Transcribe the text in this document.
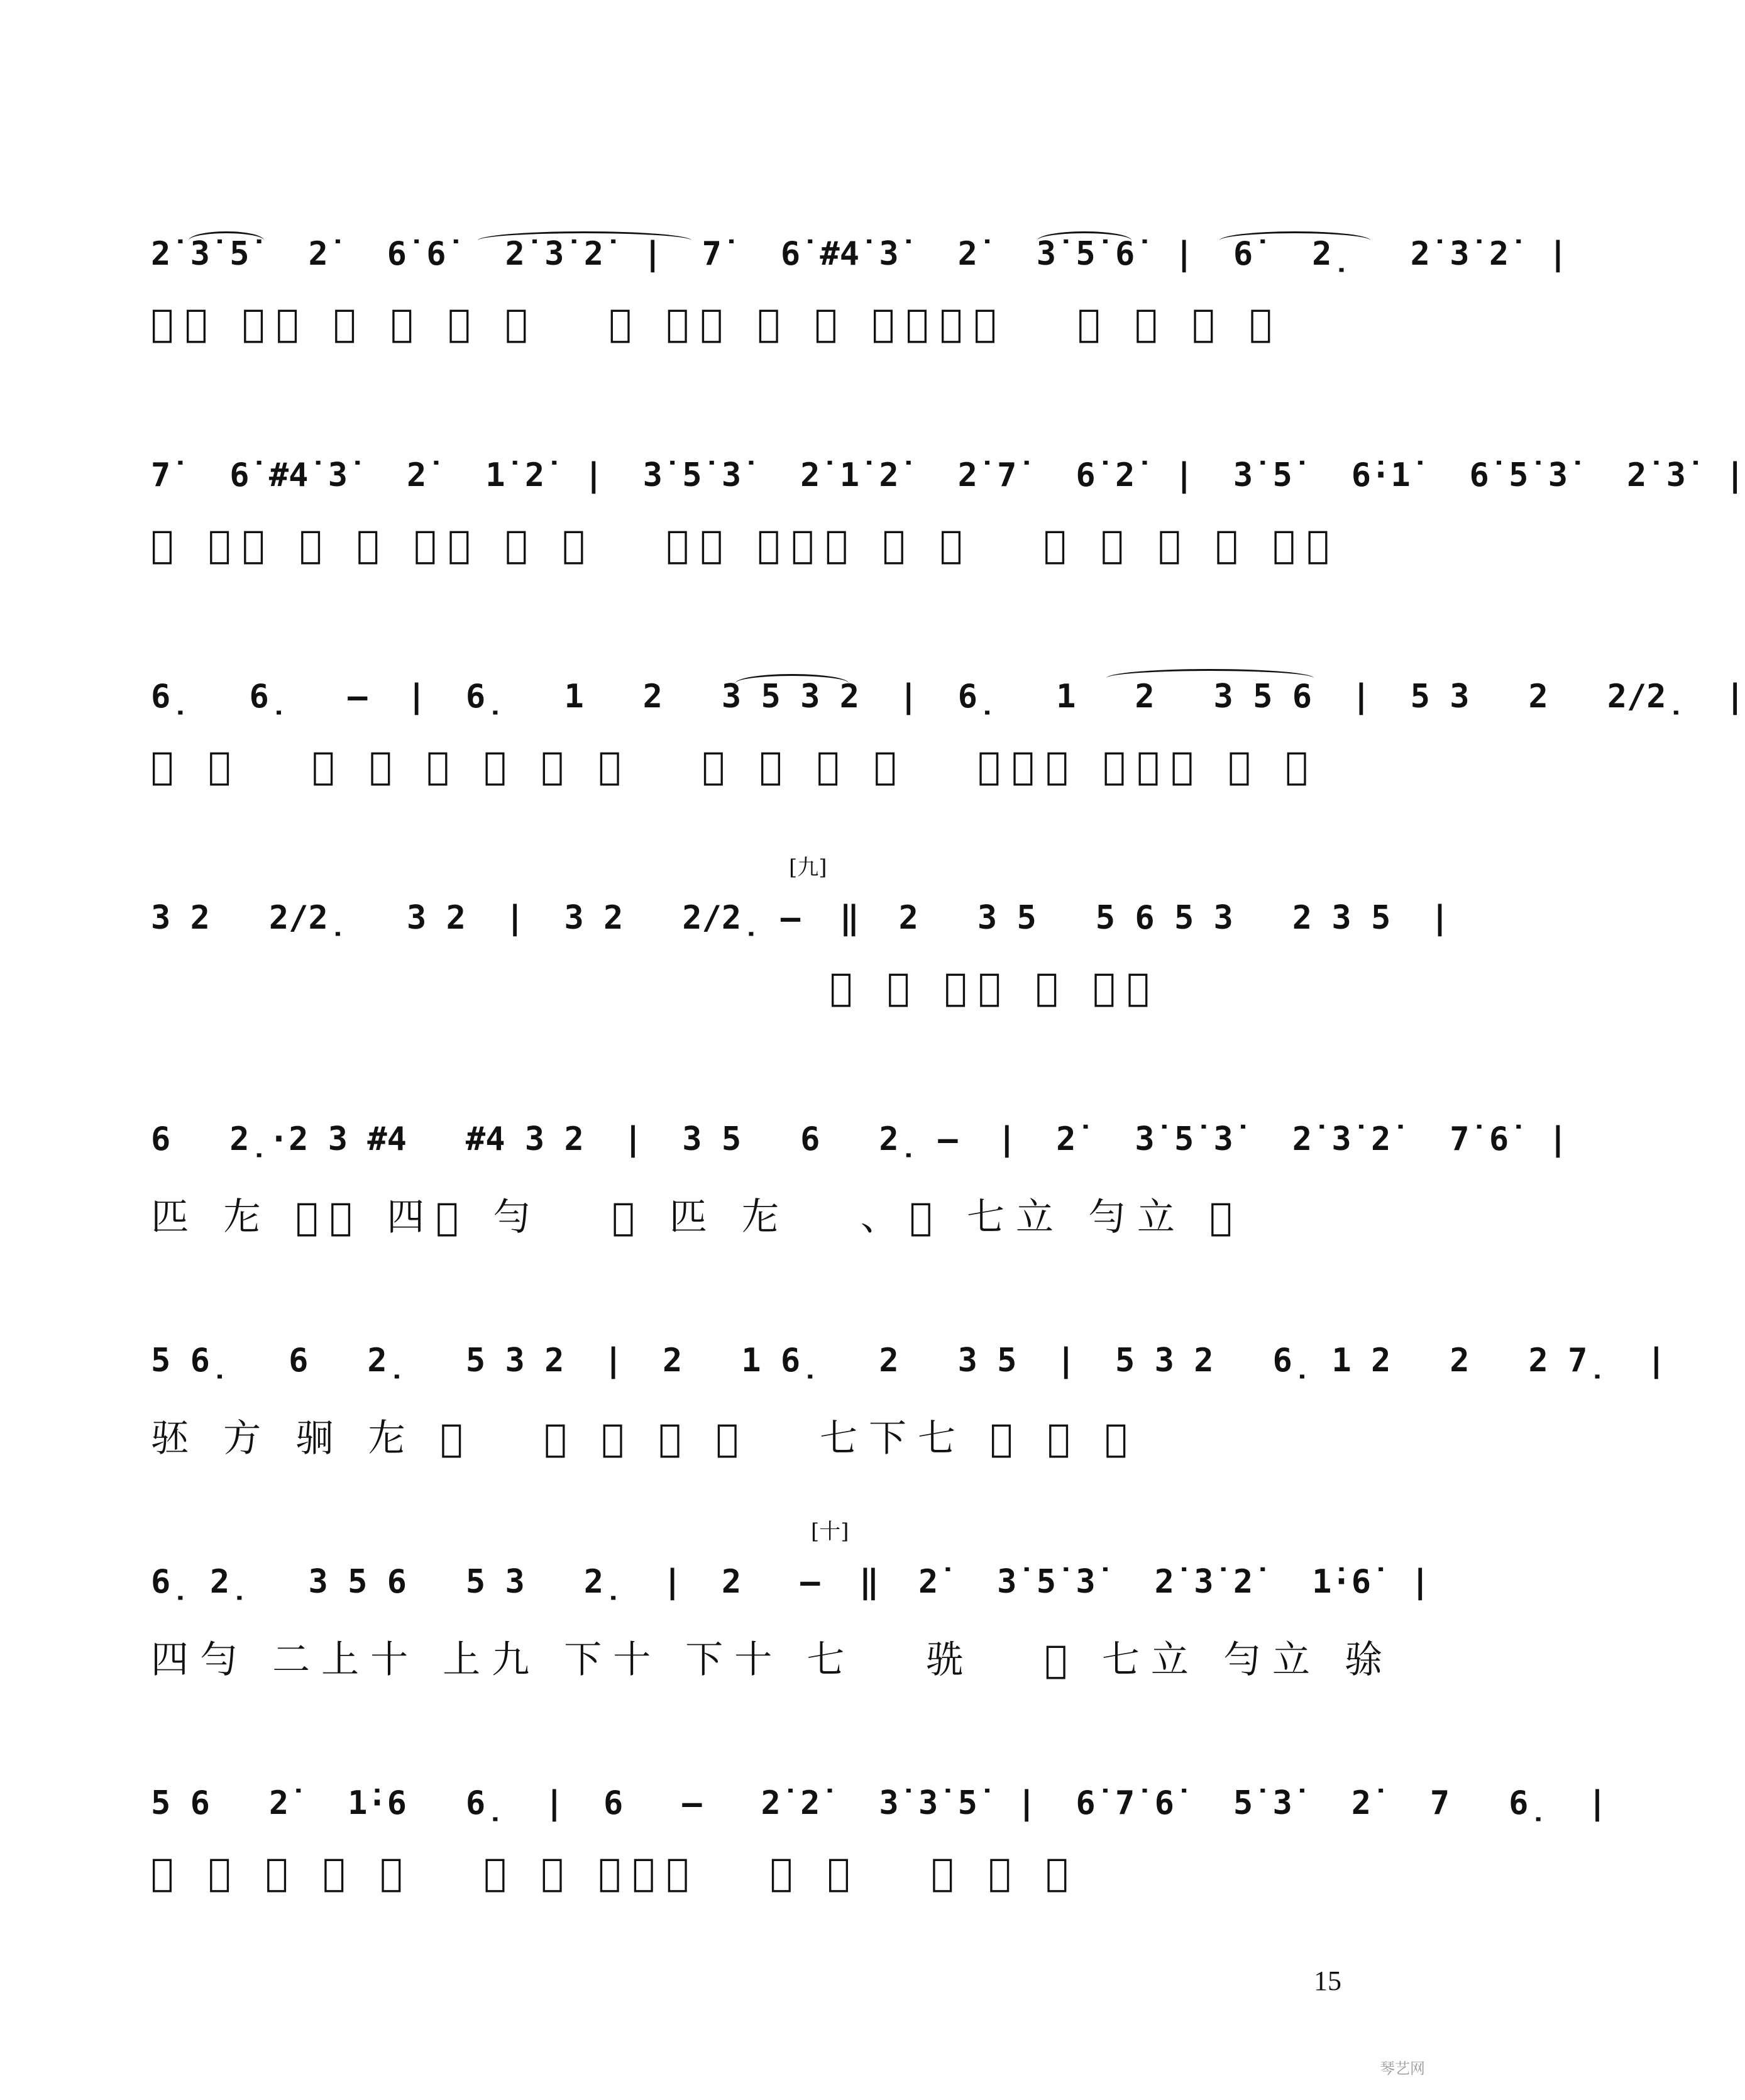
2̇ 3̇ 5̇   2̇   6̇ 6̇   2̇ 3̇ 2̇  |  7̇   6̇ #4̇ 3̇   2̇   3̇ 5̇ 6̇  |  6̇   2̣   2̇ 3̇ 2̇  |
𬢑匹 上四 甸 𬤊 𬩷 立   𰀄 六五 𰀅 甸 五上四上   匹 㔫 𬩷 立
7̇   6̇ #4̇ 3̇   2̇   1̇ 2̇  |  3̇ 5̇ 3̇   2̇ 1̇ 2̇   2̇ 7̇   6̇ 2̇  |  3̇ 5̇   6̇·1̇   6̇ 5̇ 3̇   2̇ 3̇  |
𰀄 六五 𰀅 甸 𬰿𬱀 𰀆 弁   甸𬱁 四下六 匹 㔫   𬱂 𬱃 𬱄 𬱅 勻𬱆
6̣   6̣   —  |  6̣   1   2   3 5 3 2  |  6̣   1   2   3 5 6  |  5 3   2   2/2̣  |
𬳪 𬳫   𬳪 𬳬 𬳭 𬳮 弁 𬳯   𬳪 𬳬 𬳭 𬳰   下六四 下七三 𬳯 𬳱
[九]
3 2   2/2̣   3 2  |  3 2   2/2̣ —  ‖  2   3 5   5 6 5 3   2 3 5  |
𬳬 𬳲 四立 𬳯 勻𬳲
6   2̣·2 3 #4   #4 3 2  |  3 5   6   2̣ —  |  2̇   3̇ 5̇ 3̇   2̇ 3̇ 2̇   7̇ 6̇  |
匹 㔫 𬳬𬳲 四𬳯 勻   𬳲 匹 㔫   、𬳳 七立 勻立 𬳴
5 6̣   6   2̣   5 3 2  |  2   1 6̣   2   3 5  |  5 3 2   6̣ 1 2   2   2 7̣  |
𬳵 方 𬳶 㔫 𬳷   𬳸 𬳹 𬳸 𬳺   七下七 𬳻 𬳸 𬳼
[十]
6̣ 2̣   3 5 6   5 3   2̣  |  2   —  ‖  2̇   3̇ 5̇ 3̇   2̇ 3̇ 2̇   1̇·6̇  |
四勻 二上十 上九 下十 下十 七   𬳽   𬳾 七立 勻立 𬳿
5 6   2̇   1̇·6   6̣  |  6   —   2̇ 2̇   3̇ 3̇ 5̇  |  6̇ 7̇ 6̇   5̇ 3̇   2̇   7   6̣  |
𬴀 𬳾 𬳿 𬳻 𬴁   𬴂 𬴃 上五六   𬴄 立   𬴅 勻 𬴆
15
琴艺网
